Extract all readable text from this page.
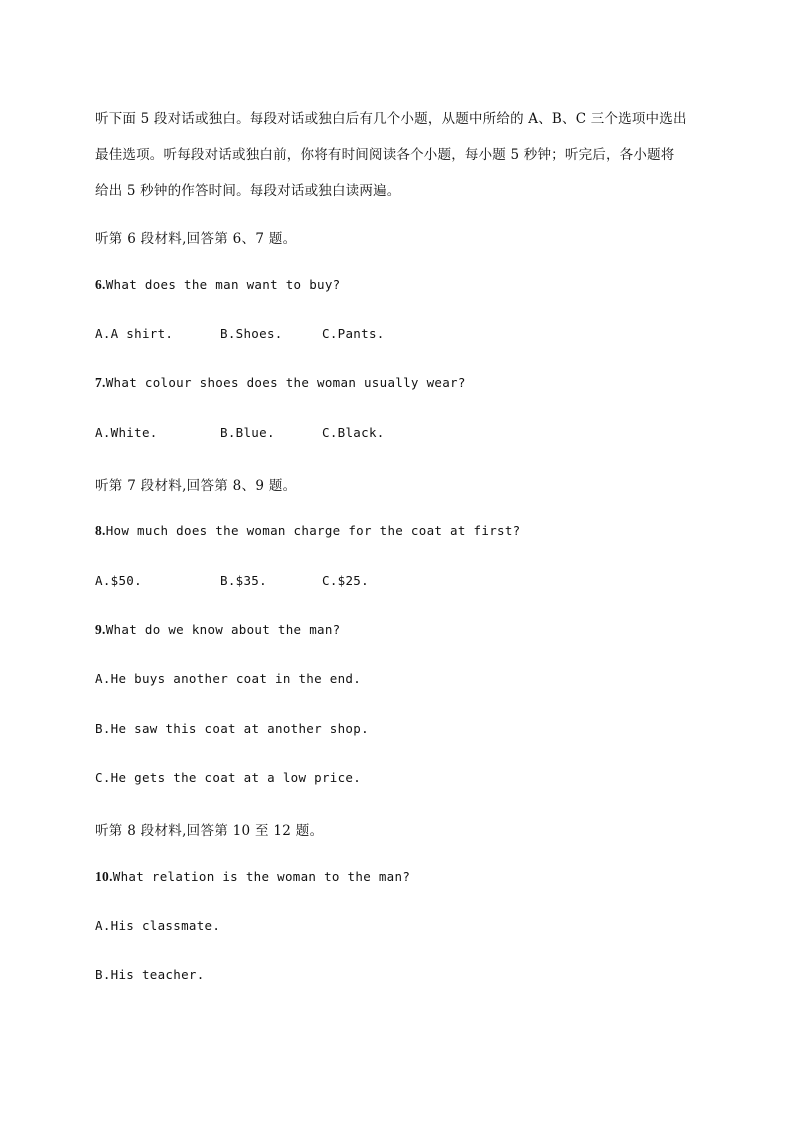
听下面 5 段对话或独白。每段对话或独白后有几个小题，从题中所给的 A、B、C 三个选项中选出
最佳选项。听每段对话或独白前，你将有时间阅读各个小题，每小题 5 秒钟；听完后，各小题将
给出 5 秒钟的作答时间。每段对话或独白读两遍。
听第 6 段材料,回答第 6、7 题。
6.What does the man want to buy?
A.A shirt.	B.Shoes.	C.Pants.
7.What colour shoes does the woman usually wear?
A.White.	B.Blue.	C.Black.
听第 7 段材料,回答第 8、9 题。
8.How much does the woman charge for the coat at first?
A.$50.	B.$35.	C.$25.
9.What do we know about the man?
A.He buys another coat in the end.
B.He saw this coat at another shop.
C.He gets the coat at a low price.
听第 8 段材料,回答第 10 至 12 题。
10.What relation is the woman to the man?
A.His classmate.
B.His teacher.
